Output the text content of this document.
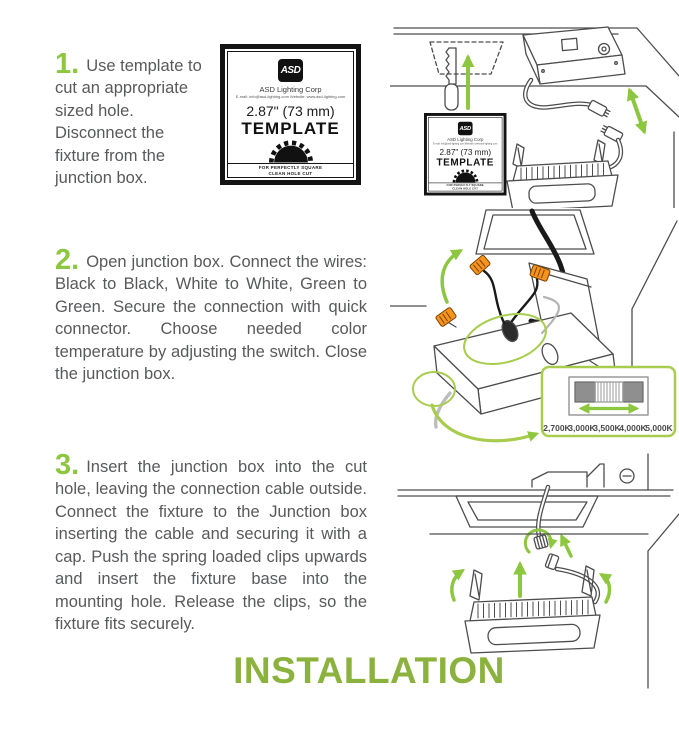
1. Use template to cut an appropriate sized hole. Disconnect the fixture from the junction box.

2. Open junction box. Connect the wires: Black to Black, White to White, Green to Green. Secure the connection with quick connector. Choose needed color temperature by adjusting the switch. Close the junction box.

3. Insert the junction box into the cut hole, leaving the connection cable outside. Connect the fixture to the Junction box inserting the cable and securing it with a cap. Push the spring loaded clips upwards and insert the fixture base into the mounting hole. Release the clips, so the fixture fits securely.

ASD
ASD Lighting Corp
E-mail: info@asd-lighting.com Website: www.asd-lighting.com
2.87" (73 mm)
TEMPLATE
FOR PERFECTLY SQUARE
CLEAN HOLE CUT
ASD
ASD Lighting Corp
E-mail: info@asd-lighting.com Website: www.asd-lighting.com
2.87" (73 mm)
TEMPLATE
FOR PERFECTLY SQUARE
CLEAN HOLE CUT
2,700K
3,000K
3,500K
4,000K
5,000K
INSTALLATION
